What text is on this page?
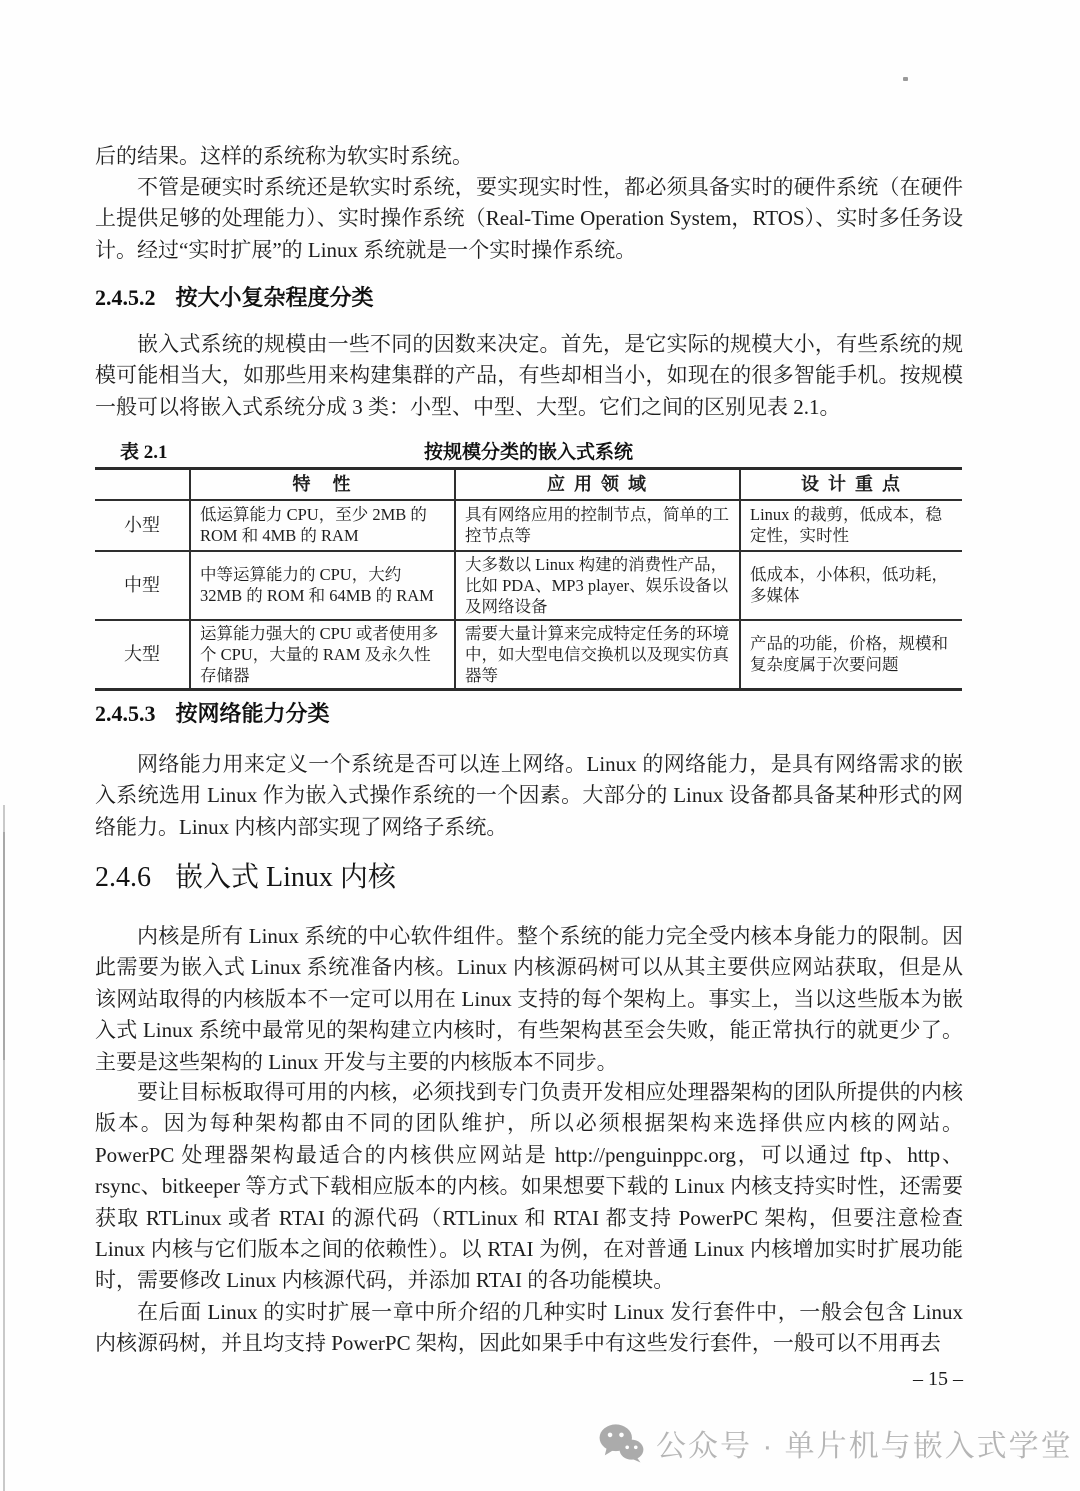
后的结果。这样的系统称为软实时系统。

不管是硬实时系统还是软实时系统，要实现实时性，都必须具备实时的硬件系统（在硬件上提供足够的处理能力）、实时操作系统（Real-Time Operation System，RTOS）、实时多任务设计。经过“实时扩展”的 Linux 系统就是一个实时操作系统。

2.4.5.2 按大小复杂程度分类

嵌入式系统的规模由一些不同的因数来决定。首先，是它实际的规模大小，有些系统的规模可能相当大，如那些用来构建集群的产品，有些却相当小，如现在的很多智能手机。按规模一般可以将嵌入式系统分成 3 类：小型、中型、大型。它们之间的区别见表 2.1。

表 2.1	按规模分类的嵌入式系统
	特　性	应 用 领 域	设 计 重 点
小型	低运算能力 CPU，至少 2MB 的 ROM 和 4MB 的 RAM	具有网络应用的控制节点，简单的工控节点等	Linux 的裁剪，低成本，稳定性，实时性
中型	中等运算能力的 CPU，大约 32MB 的 ROM 和 64MB 的 RAM	大多数以 Linux 构建的消费性产品，比如 PDA、MP3 player、娱乐设备以及网络设备	低成本，小体积，低功耗，多媒体
大型	运算能力强大的 CPU 或者使用多个 CPU，大量的 RAM 及永久性存储器	需要大量计算来完成特定任务的环境中，如大型电信交换机以及现实仿真器等	产品的功能，价格，规模和复杂度属于次要问题
2.4.5.3 按网络能力分类

网络能力用来定义一个系统是否可以连上网络。Linux 的网络能力，是具有网络需求的嵌入系统选用 Linux 作为嵌入式操作系统的一个因素。大部分的 Linux 设备都具备某种形式的网络能力。Linux 内核内部实现了网络子系统。

2.4.6 嵌入式 Linux 内核

内核是所有 Linux 系统的中心软件组件。整个系统的能力完全受内核本身能力的限制。因此需要为嵌入式 Linux 系统准备内核。Linux 内核源码树可以从其主要供应网站获取，但是从该网站取得的内核版本不一定可以用在 Linux 支持的每个架构上。事实上，当以这些版本为嵌入式 Linux 系统中最常见的架构建立内核时，有些架构甚至会失败，能正常执行的就更少了。主要是这些架构的 Linux 开发与主要的内核版本不同步。

要让目标板取得可用的内核，必须找到专门负责开发相应处理器架构的团队所提供的内核版本。因为每种架构都由不同的团队维护，所以必须根据架构来选择供应内核的网站。PowerPC 处理器架构最适合的内核供应网站是 http://penguinppc.org，可以通过 ftp、http、rsync、bitkeeper 等方式下载相应版本的内核。如果想要下载的 Linux 内核支持实时性，还需要获取 RTLinux 或者 RTAI 的源代码（RTLinux 和 RTAI 都支持 PowerPC 架构，但要注意检查 Linux 内核与它们版本之间的依赖性）。以 RTAI 为例，在对普通 Linux 内核增加实时扩展功能时，需要修改 Linux 内核源代码，并添加 RTAI 的各功能模块。

在后面 Linux 的实时扩展一章中所介绍的几种实时 Linux 发行套件中，一般会包含 Linux 内核源码树，并且均支持 PowerPC 架构，因此如果手中有这些发行套件，一般可以不用再去

– 15 –

公众号 · 单片机与嵌入式学堂
